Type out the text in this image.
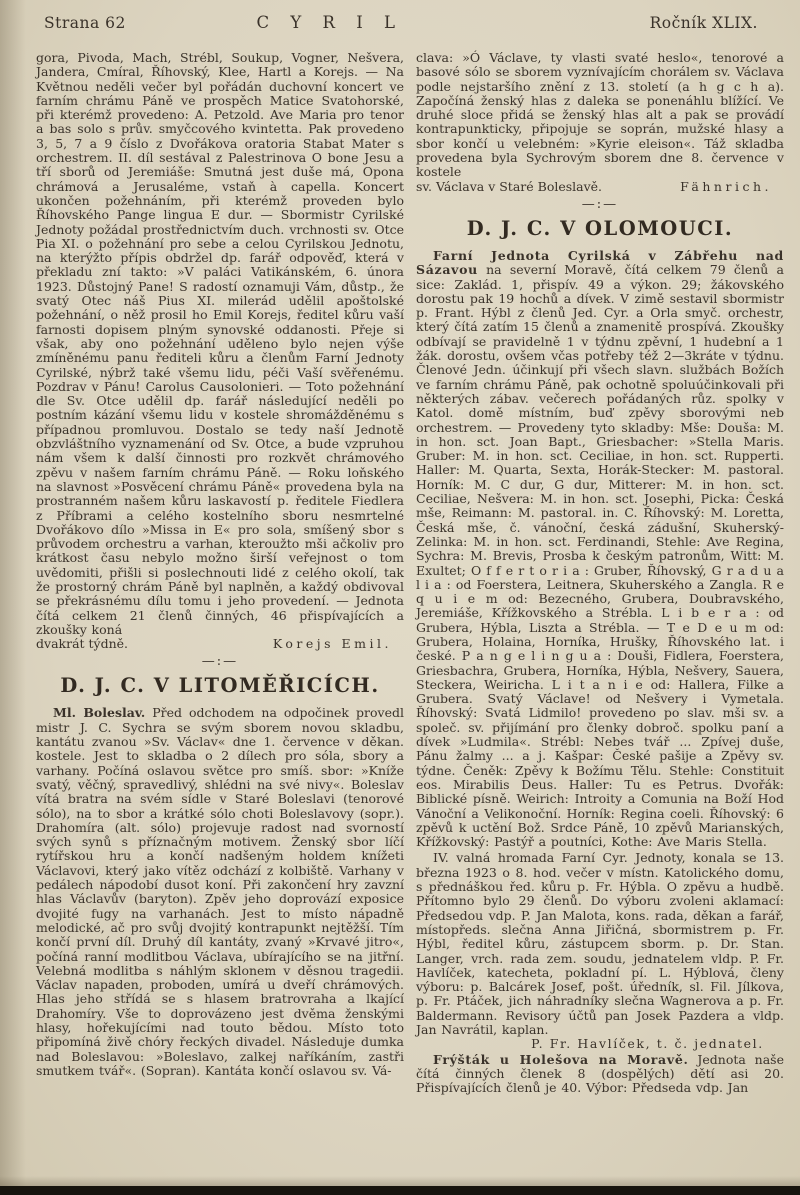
Strana 62	C Y R I L	Ročník XLIX.

gora, Pivoda, Mach, Strébl, Soukup, Vogner, Nešvera, Jandera, Cmíral, Říhovský, Klee, Hartl a Korejs. — Na Květnou neděli večer byl pořádán duchovní koncert ve farním chrámu Páně ve prospěch Matice Svatohorské, při kterémž provedeno: A. Petzold. Ave Maria pro tenor a bas solo s prův. smyčcového kvintetta. Pak provedeno 3, 5, 7 a 9 číslo z Dvořákova oratoria Stabat Mater s orchestrem. II. díl sestával z Palestrinova O bone Jesu a tří sborů od Jeremiáše: Smutná jest duše má, Opona chrámová a Jerusaléme, vstaň à capella. Koncert ukončen požehnáním, při kterémž proveden bylo Říhovského Pange lingua E dur. — Sbormistr Cyrilské Jednoty požádal prostřednictvím duch. vrchnosti sv. Otce Pia XI. o požehnání pro sebe a celou Cyrilskou Jednotu, na kterýžto přípis obdržel dp. farář odpověď, která v překladu zní takto: »V paláci Vatikánském, 6. února 1923. Důstojný Pane! S radostí oznamuji Vám, důstp., že svatý Otec náš Pius XI. milerád udělil apoštolské požehnání, o něž prosil ho Emil Korejs, ředitel kůru vaší farnosti dopisem plným synovské oddanosti. Přeje si však, aby ono požehnání uděleno bylo nejen výše zmíněnému panu řediteli kůru a členům Farní Jednoty Cyrilské, nýbrž také všemu lidu, péči Vaší svěřenému. Pozdrav v Pánu! Carolus Causolonieri. — Toto požehnání dle Sv. Otce udělil dp. farář následující neděli po postním kázání všemu lidu v kostele shromážděnému s případnou promluvou. Dostalo se tedy naší Jednotě obzvláštního vyznamenání od Sv. Otce, a bude vzpruhou nám všem k další činnosti pro rozkvět chrámového zpěvu v našem farním chrámu Páně. — Roku loňského na slavnost »Posvěcení chrámu Páně« provedena byla na prostranném našem kůru laskavostí p. ředitele Fiedlera z Příbrami a celého kostelního sboru nesmrtelné Dvořákovo dílo »Missa in E« pro sola, smíšený sbor s průvodem orchestru a varhan, kteroužto mši ačkoliv pro krátkost času nebylo možno širší veřejnost o tom uvědomiti, přišli si poslechnouti lidé z celého okolí, tak že prostorný chrám Páně byl naplněn, a každý obdivoval se překrásnému dílu tomu i jeho provedení. — Jednota čítá celkem 21 členů činných, 46 přispívajících a zkoušky koná

dvakrát týdně.	Korejs Emil.
—:—
D. J. C. V LITOMĚŘICÍCH.

Ml. Boleslav. Před odchodem na odpočinek provedl mistr J. C. Sychra se svým sborem novou skladbu, kantátu zvanou »Sv. Václav« dne 1. července v děkan. kostele. Jest to skladba o 2 dílech pro sóla, sbory a varhany. Počíná oslavou světce pro smíš. sbor: »Kníže svatý, věčný, spravedlivý, shlédni na své nivy«. Boleslav vítá bratra na svém sídle v Staré Boleslavi (tenorové sólo), na to sbor a krátké sólo choti Boleslavovy (sopr.). Drahomíra (alt. sólo) projevuje radost nad svorností svých synů s příznačným motivem. Ženský sbor líčí rytířskou hru a končí nadšeným holdem knížeti Václavovi, který jako vítěz odchází z kolbiště. Varhany v pedálech nápodobí dusot koní. Při zakončení hry zavzní hlas Václavův (baryton). Zpěv jeho doprovází exposice dvojité fugy na varhanách. Jest to místo nápadně melodické, ač pro svůj dvojitý kontrapunkt nejtěžší. Tím končí první díl. Druhý díl kantáty, zvaný »Krvavé jitro«, počíná ranní modlitbou Václava, ubírajícího se na jitřní. Velebná modlitba s náhlým sklonem v děsnou tragedii. Václav napaden, proboden, umírá u dveří chrámových. Hlas jeho střídá se s hlasem bratrovraha a lkající Drahomíry. Vše to doprovázeno jest dvěma ženskými hlasy, hořekujícími nad touto bědou. Místo toto připomíná živě chóry řeckých divadel. Následuje dumka nad Boleslavou: »Boleslavo, zalkej naříkáním, zastři smutkem tvář«. (Sopran). Kantáta končí oslavou sv. Vá-

clava: »Ó Václave, ty vlasti svaté heslo«, tenorové a basové sólo se sborem vyznívajícím chorálem sv. Václava podle nejstaršího znění z 13. století (a h g c h a). Započíná ženský hlas z daleka se ponenáhlu blížící. Ve druhé sloce přidá se ženský hlas alt a pak se provádí kontrapunkticky, připojuje se soprán, mužské hlasy a sbor končí u velebném: »Kyrie eleison«. Táž skladba provedena byla Sychrovým sborem dne 8. července v kostele

sv. Václava v Staré Boleslavě.	Fähnrich.
—:—
D. J. C. V OLOMOUCI.

Farní Jednota Cyrilská v Zábřehu nad Sázavou na severní Moravě, čítá celkem 79 členů a sice: Zaklád. 1, přispív. 49 a výkon. 29; žákovského dorostu pak 19 hochů a dívek. V zimě sestavil sbormistr p. Frant. Hýbl z členů Jed. Cyr. a Orla smyč. orchestr, který čítá zatím 15 členů a znamenitě prospívá. Zkoušky odbívají se pravidelně 1 v týdnu zpěvní, 1 hudební a 1 žák. dorostu, ovšem včas potřeby též 2—3kráte v týdnu. Členové Jedn. účinkují při všech slavn. službách Božích ve farním chrámu Páně, pak ochotně spoluúčinkovali při některých zábav. večerech pořádaných růz. spolky v Katol. domě místním, buď zpěvy sborovými neb orchestrem. — Provedeny tyto skladby: Mše: Douša: M. in hon. sct. Joan Bapt., Griesbacher: »Stella Maris. Gruber: M. in hon. sct. Ceciliae, in hon. sct. Rupperti. Haller: M. Quarta, Sexta, Horák-Stecker: M. pastoral. Horník: M. C dur, G dur, Mitterer: M. in hon. sct. Ceciliae, Nešvera: M. in hon. sct. Josephi, Picka: Česká mše, Reimann: M. pastoral. in. C. Říhovský: M. Loretta, Česká mše, č. vánoční, česká zádušní, Skuherský-Zelinka: M. in hon. sct. Ferdinandi, Stehle: Ave Regina, Sychra: M. Brevis, Prosba k českým patronům, Witt: M. Exultet; O f f e r t o r i a : Gruber, Říhovský, G r a d u a l i a : od Foerstera, Leitnera, Skuherského a Zangla. R e q u i e m od: Bezecného, Grubera, Doubravského, Jeremiáše, Křížkovského a Strébla. L i b e r a : od Grubera, Hýbla, Liszta a Strébla. — T e D e u m od: Grubera, Holaina, Horníka, Hrušky, Říhovského lat. i české. P a n g e l i n g u a : Douši, Fidlera, Foerstera, Griesbachra, Grubera, Horníka, Hýbla, Nešvery, Sauera, Steckera, Weiricha. L i t a n i e od: Hallera, Filke a Grubera. Svatý Václave! od Nešvery i Vymetala. Říhovský: Svatá Lidmilo! provedeno po slav. mši sv. a společ. sv. přijímání pro členky dobroč. spolku paní a dívek »Ludmila«. Strébl: Nebes tvář ... Zpívej duše, Pánu žalmy ... a j. Kašpar: České pašije a Zpěvy sv. týdne. Čeněk: Zpěvy k Božímu Tělu. Stehle: Constituit eos. Mirabilis Deus. Haller: Tu es Petrus. Dvořák: Biblické písně. Weirich: Introity a Comunia na Boží Hod Vánoční a Velikonoční. Horník: Regina coeli. Říhovský: 6 zpěvů k uctění Bož. Srdce Páně, 10 zpěvů Marianských, Křížkovský: Pastýř a poutníci, Kothe: Ave Maris Stella.

IV. valná hromada Farní Cyr. Jednoty, konala se 13. března 1923 o 8. hod. večer v místn. Katolického domu, s přednáškou řed. kůru p. Fr. Hýbla. O zpěvu a hudbě. Přítomno bylo 29 členů. Do výboru zvoleni aklamací: Předsedou vdp. P. Jan Malota, kons. rada, děkan a farář, místopředs. slečna Anna Jiřičná, sbormistrem p. Fr. Hýbl, ředitel kůru, zástupcem sborm. p. Dr. Stan. Langer, vrch. rada zem. soudu, jednatelem vldp. P. Fr. Havlíček, katecheta, pokladní pí. L. Hýblová, členy výboru: p. Balcárek Josef, pošt. úředník, sl. Fil. Jílkova, p. Fr. Ptáček, jich náhradníky slečna Wagnerova a p. Fr. Baldermann. Revisory účtů pan Josek Pazdera a vldp. Jan Navrátil, kaplan.

P. Fr. Havlíček, t. č. jednatel.

Frýšták u Holešova na Moravě. Jednota naše čítá činných členek 8 (dospělých) dětí asi 20. Přispívajících členů je 40. Výbor: Předseda vdp. Jan
